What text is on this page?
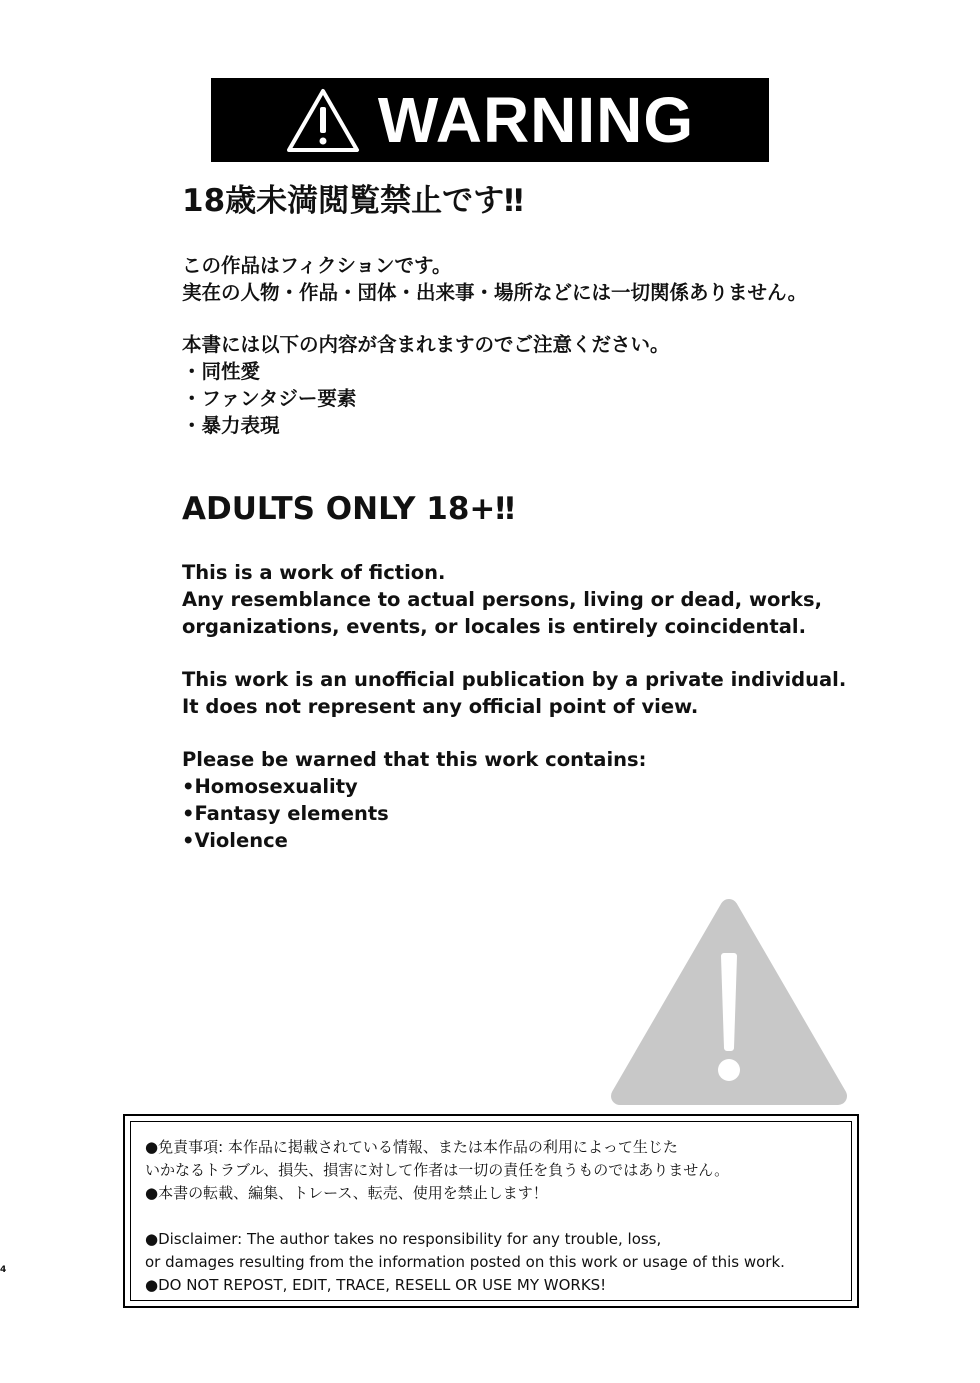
WARNING
18歳未満閲覧禁止です‼

この作品はフィクションです。

実在の人物・作品・団体・出来事・場所などには一切関係ありません。

本書には以下の内容が含まれますのでご注意ください。

・同性愛

・ファンタジー要素

・暴力表現

ADULTS ONLY 18+‼

This is a work of fiction.

Any resemblance to actual persons, living or dead, works,

organizations, events, or locales is entirely coincidental.

This work is an unofficial publication by a private individual.

It does not represent any official point of view.

Please be warned that this work contains:

•Homosexuality

•Fantasy elements

•Violence

●免責事項: 本作品に掲載されている情報、または本作品の利用によって生じた

いかなるトラブル、損失、損害に対して作者は一切の責任を負うものではありません。

●本書の転載、編集、トレース、転売、使用を禁止します！

●Disclaimer: The author takes no responsibility for any trouble, loss,

or damages resulting from the information posted on this work or usage of this work.

●DO NOT REPOST, EDIT, TRACE, RESELL OR USE MY WORKS!

4
